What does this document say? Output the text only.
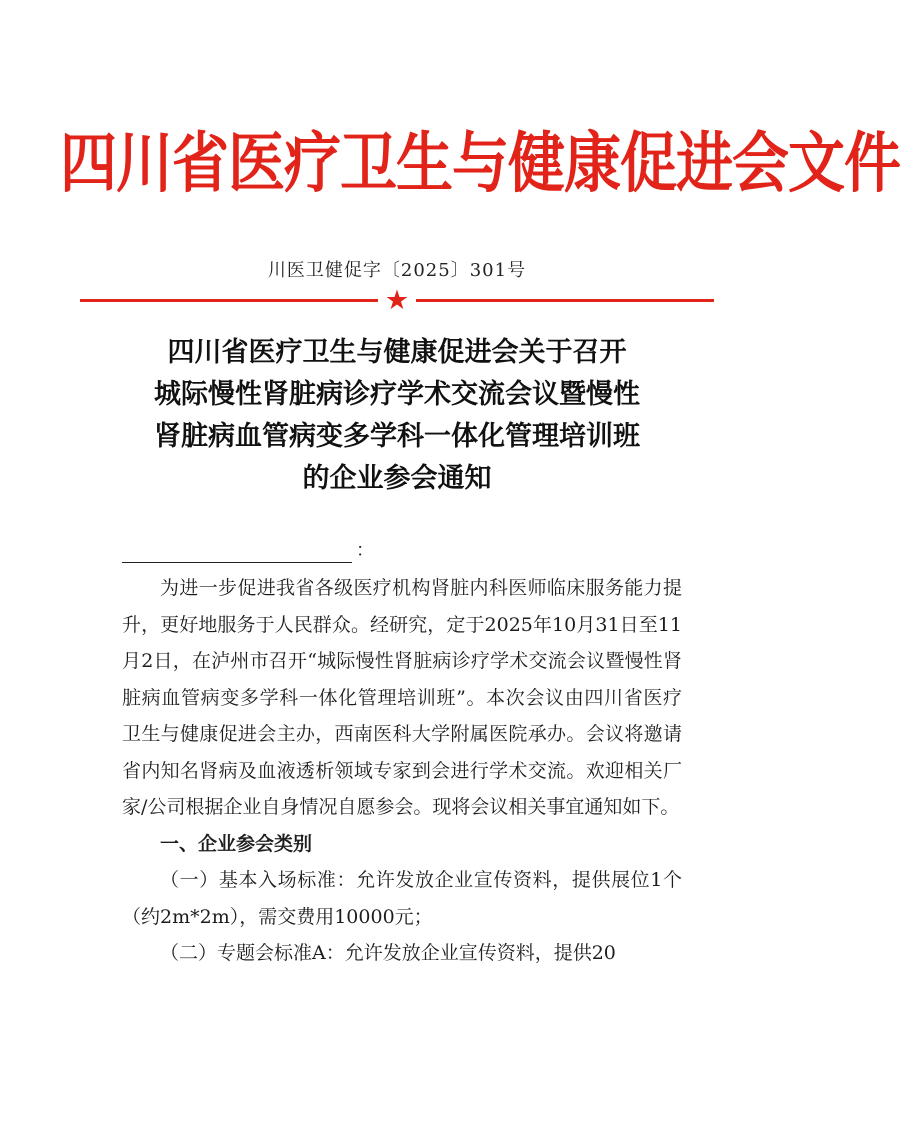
四川省医疗卫生与健康促进会文件
川医卫健促字〔2025〕301号
★
四川省医疗卫生与健康促进会关于召开
城际慢性肾脏病诊疗学术交流会议暨慢性
肾脏病血管病变多学科一体化管理培训班
的企业参会通知
：

为进一步促进我省各级医疗机构肾脏内科医师临床服务能力提升，更好地服务于人民群众。经研究，定于2025年10月31日至11月2日，在泸州市召开“城际慢性肾脏病诊疗学术交流会议暨慢性肾脏病血管病变多学科一体化管理培训班”。本次会议由四川省医疗卫生与健康促进会主办，西南医科大学附属医院承办。会议将邀请省内知名肾病及血液透析领域专家到会进行学术交流。欢迎相关厂家/公司根据企业自身情况自愿参会。现将会议相关事宜通知如下。

一、企业参会类别

（一）基本入场标准：允许发放企业宣传资料，提供展位1个（约2m*2m），需交费用10000元；

（二）专题会标准A：允许发放企业宣传资料，提供20
